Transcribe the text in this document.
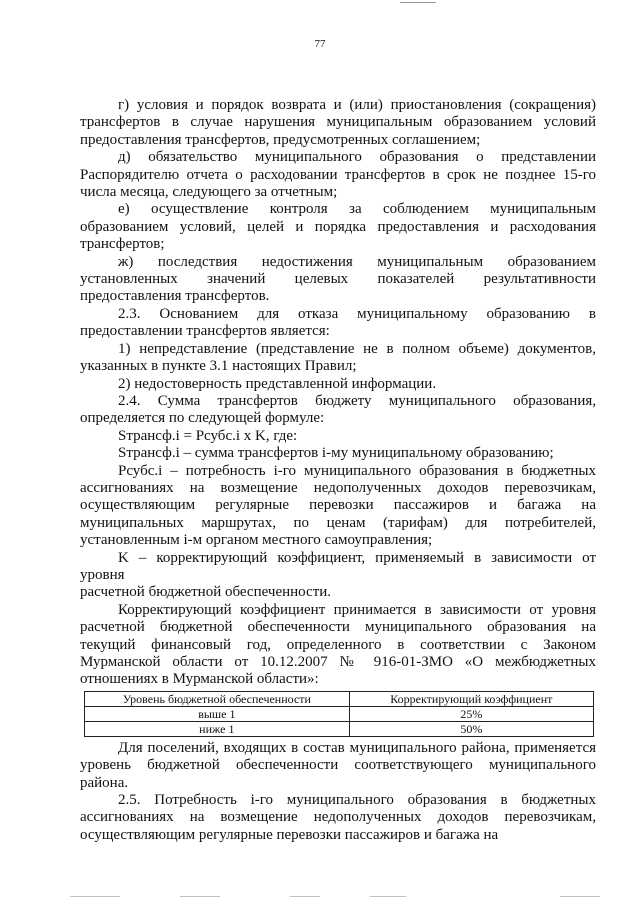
77

г) условия и порядок возврата и (или) приостановления (сокращения)

трансфертов в случае нарушения муниципальным образованием условий

предоставления трансфертов, предусмотренных соглашением;

д) обязательство муниципального образования о представлении

Распорядителю отчета о расходовании трансфертов в срок не позднее 15-го

числа месяца, следующего за отчетным;

е) осуществление контроля за соблюдением муниципальным

образованием условий, целей и порядка предоставления и расходования

трансфертов;

ж) последствия недостижения муниципальным образованием

установленных значений целевых показателей результативности

предоставления трансфертов.

2.3. Основанием для отказа муниципальному образованию в

предоставлении трансфертов является:

1) непредставление (представление не в полном объеме) документов,

указанных в пункте 3.1 настоящих Правил;

2) недостоверность представленной информации.

2.4. Сумма трансфертов бюджету муниципального образования,

определяется по следующей формуле:

Sтрансф.i = Pсубс.i x K, где:

Sтрансф.i – сумма трансфертов i-му муниципальному образованию;

Pсубс.i – потребность i-го муниципального образования в бюджетных

ассигнованиях на возмещение недополученных доходов перевозчикам,

осуществляющим регулярные перевозки пассажиров и багажа на

муниципальных маршрутах, по ценам (тарифам) для потребителей,

установленным i-м органом местного самоуправления;

K – корректирующий коэффициент, применяемый в зависимости от уровня

расчетной бюджетной обеспеченности.

Корректирующий коэффициент принимается в зависимости от уровня

расчетной бюджетной обеспеченности муниципального образования на

текущий финансовый год, определенного в соответствии с Законом

Мурманской области от 10.12.2007 № 916-01-ЗМО «О межбюджетных

отношениях в Мурманской области»:

Уровень бюджетной обеспеченности	Корректирующий коэффициент
выше 1	25%
ниже 1	50%

Для поселений, входящих в состав муниципального района, применяется

уровень бюджетной обеспеченности соответствующего муниципального

района.

2.5. Потребность i-го муниципального образования в бюджетных

ассигнованиях на возмещение недополученных доходов перевозчикам,

осуществляющим регулярные перевозки пассажиров и багажа на
